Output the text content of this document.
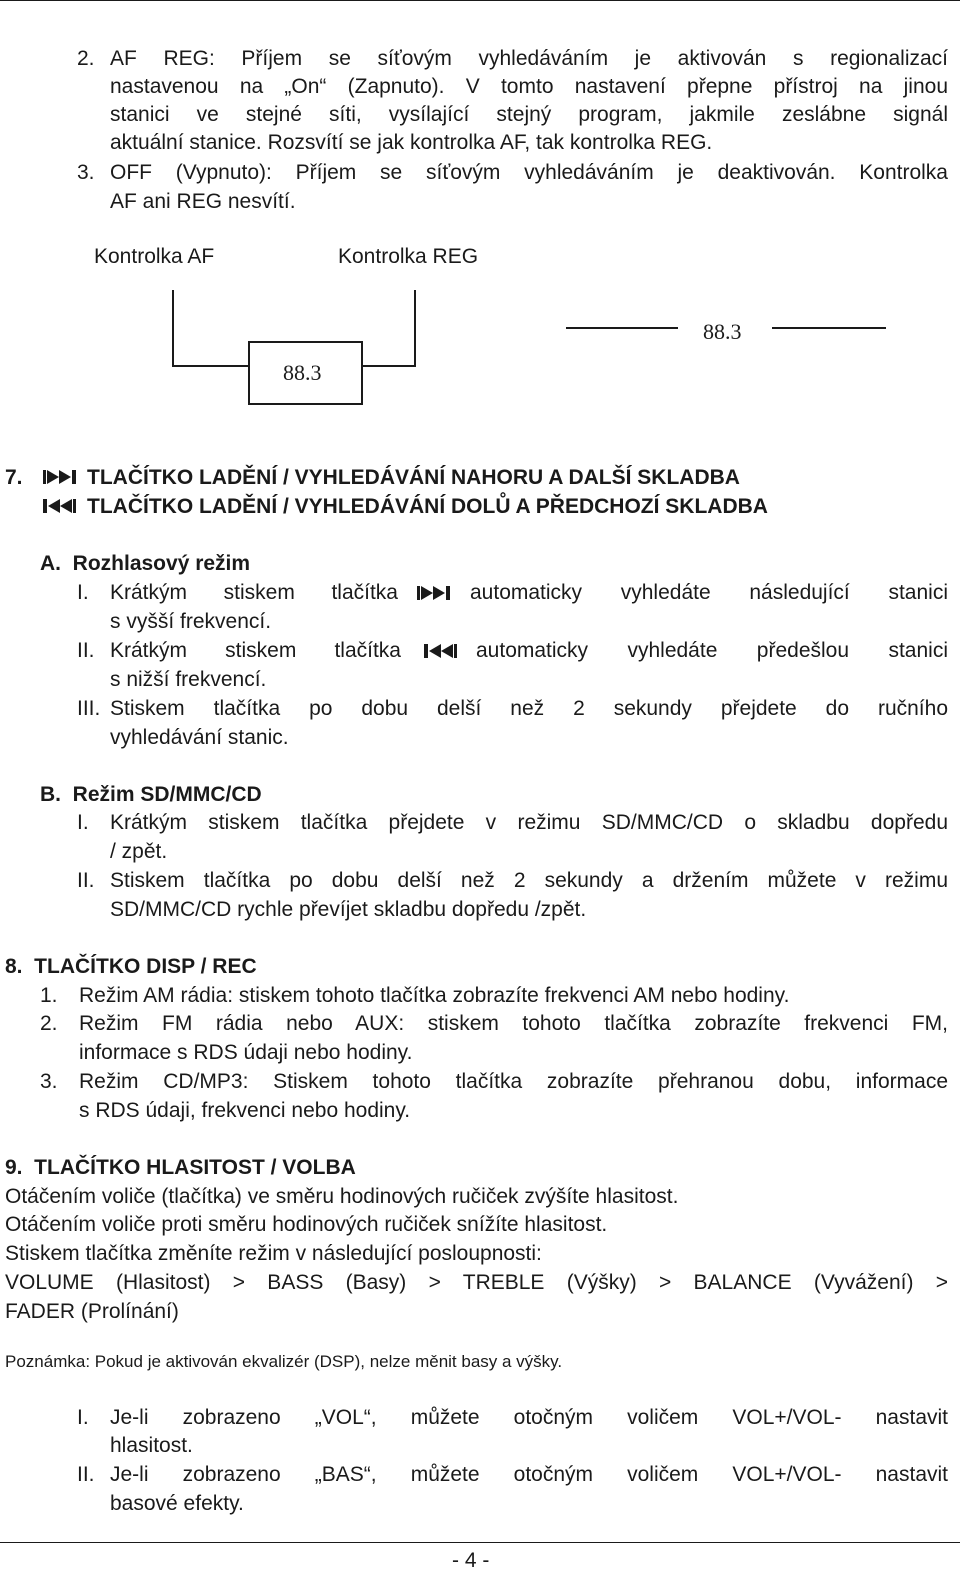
2. AF REG: Příjem se síťovým vyhledáváním je aktivován s regionalizací
nastavenou na „On“ (Zapnuto). V tomto nastavení přepne přístroj na jinou
stanici ve stejné síti, vysílající stejný program, jakmile zeslábne signál
aktuální stanice. Rozsvítí se jak kontrolka AF, tak kontrolka REG.
3. OFF (Vypnuto): Příjem se síťovým vyhledáváním je deaktivován. Kontrolka
AF ani REG nesvítí.
Kontrolka AF	Kontrolka REG
88.3
88.3
7.	TLAČÍTKO LADĚNÍ / VYHLEDÁVÁNÍ NAHORU A DALŠÍ SKLADBA
TLAČÍTKO LADĚNÍ / VYHLEDÁVÁNÍ DOLŮ A PŘEDCHOZÍ SKLADBA
A.  Rozhlasový režim
I. Krátkým stiskem tlačítka	automaticky vyhledáte následující stanici
s vyšší frekvencí.
II. Krátkým stiskem tlačítka	automaticky vyhledáte předešlou stanici
s nižší frekvencí.
III. Stiskem tlačítka po dobu delší než 2 sekundy přejdete do ručního
vyhledávání stanic.
B.  Režim SD/MMC/CD
I. Krátkým stiskem tlačítka přejdete v režimu SD/MMC/CD o skladbu dopředu
/ zpět.
II. Stiskem tlačítka po dobu delší než 2 sekundy a držením můžete v režimu
SD/MMC/CD rychle převíjet skladbu dopředu /zpět.
8.  TLAČÍTKO DISP / REC
1. Režim AM rádia: stiskem tohoto tlačítka zobrazíte frekvenci AM nebo hodiny.
2. Režim FM rádia nebo AUX: stiskem tohoto tlačítka zobrazíte frekvenci FM,
informace s RDS údaji nebo hodiny.
3. Režim CD/MP3: Stiskem tohoto tlačítka zobrazíte přehranou dobu, informace
s RDS údaji, frekvenci nebo hodiny.
9.  TLAČÍTKO HLASITOST / VOLBA
Otáčením voliče (tlačítka) ve směru hodinových ručiček zvýšíte hlasitost.
Otáčením voliče proti směru hodinových ručiček snížíte hlasitost.
Stiskem tlačítka změníte režim v následující posloupnosti:
VOLUME (Hlasitost) > BASS (Basy) > TREBLE (Výšky) > BALANCE (Vyvážení) >
FADER (Prolínání)
Poznámka: Pokud je aktivován ekvalizér (DSP), nelze měnit basy a výšky.
I. Je-li zobrazeno „VOL“, můžete otočným voličem VOL+/VOL- nastavit
hlasitost.
II. Je-li zobrazeno „BAS“, můžete otočným voličem VOL+/VOL- nastavit
basové efekty.
- 4 -
